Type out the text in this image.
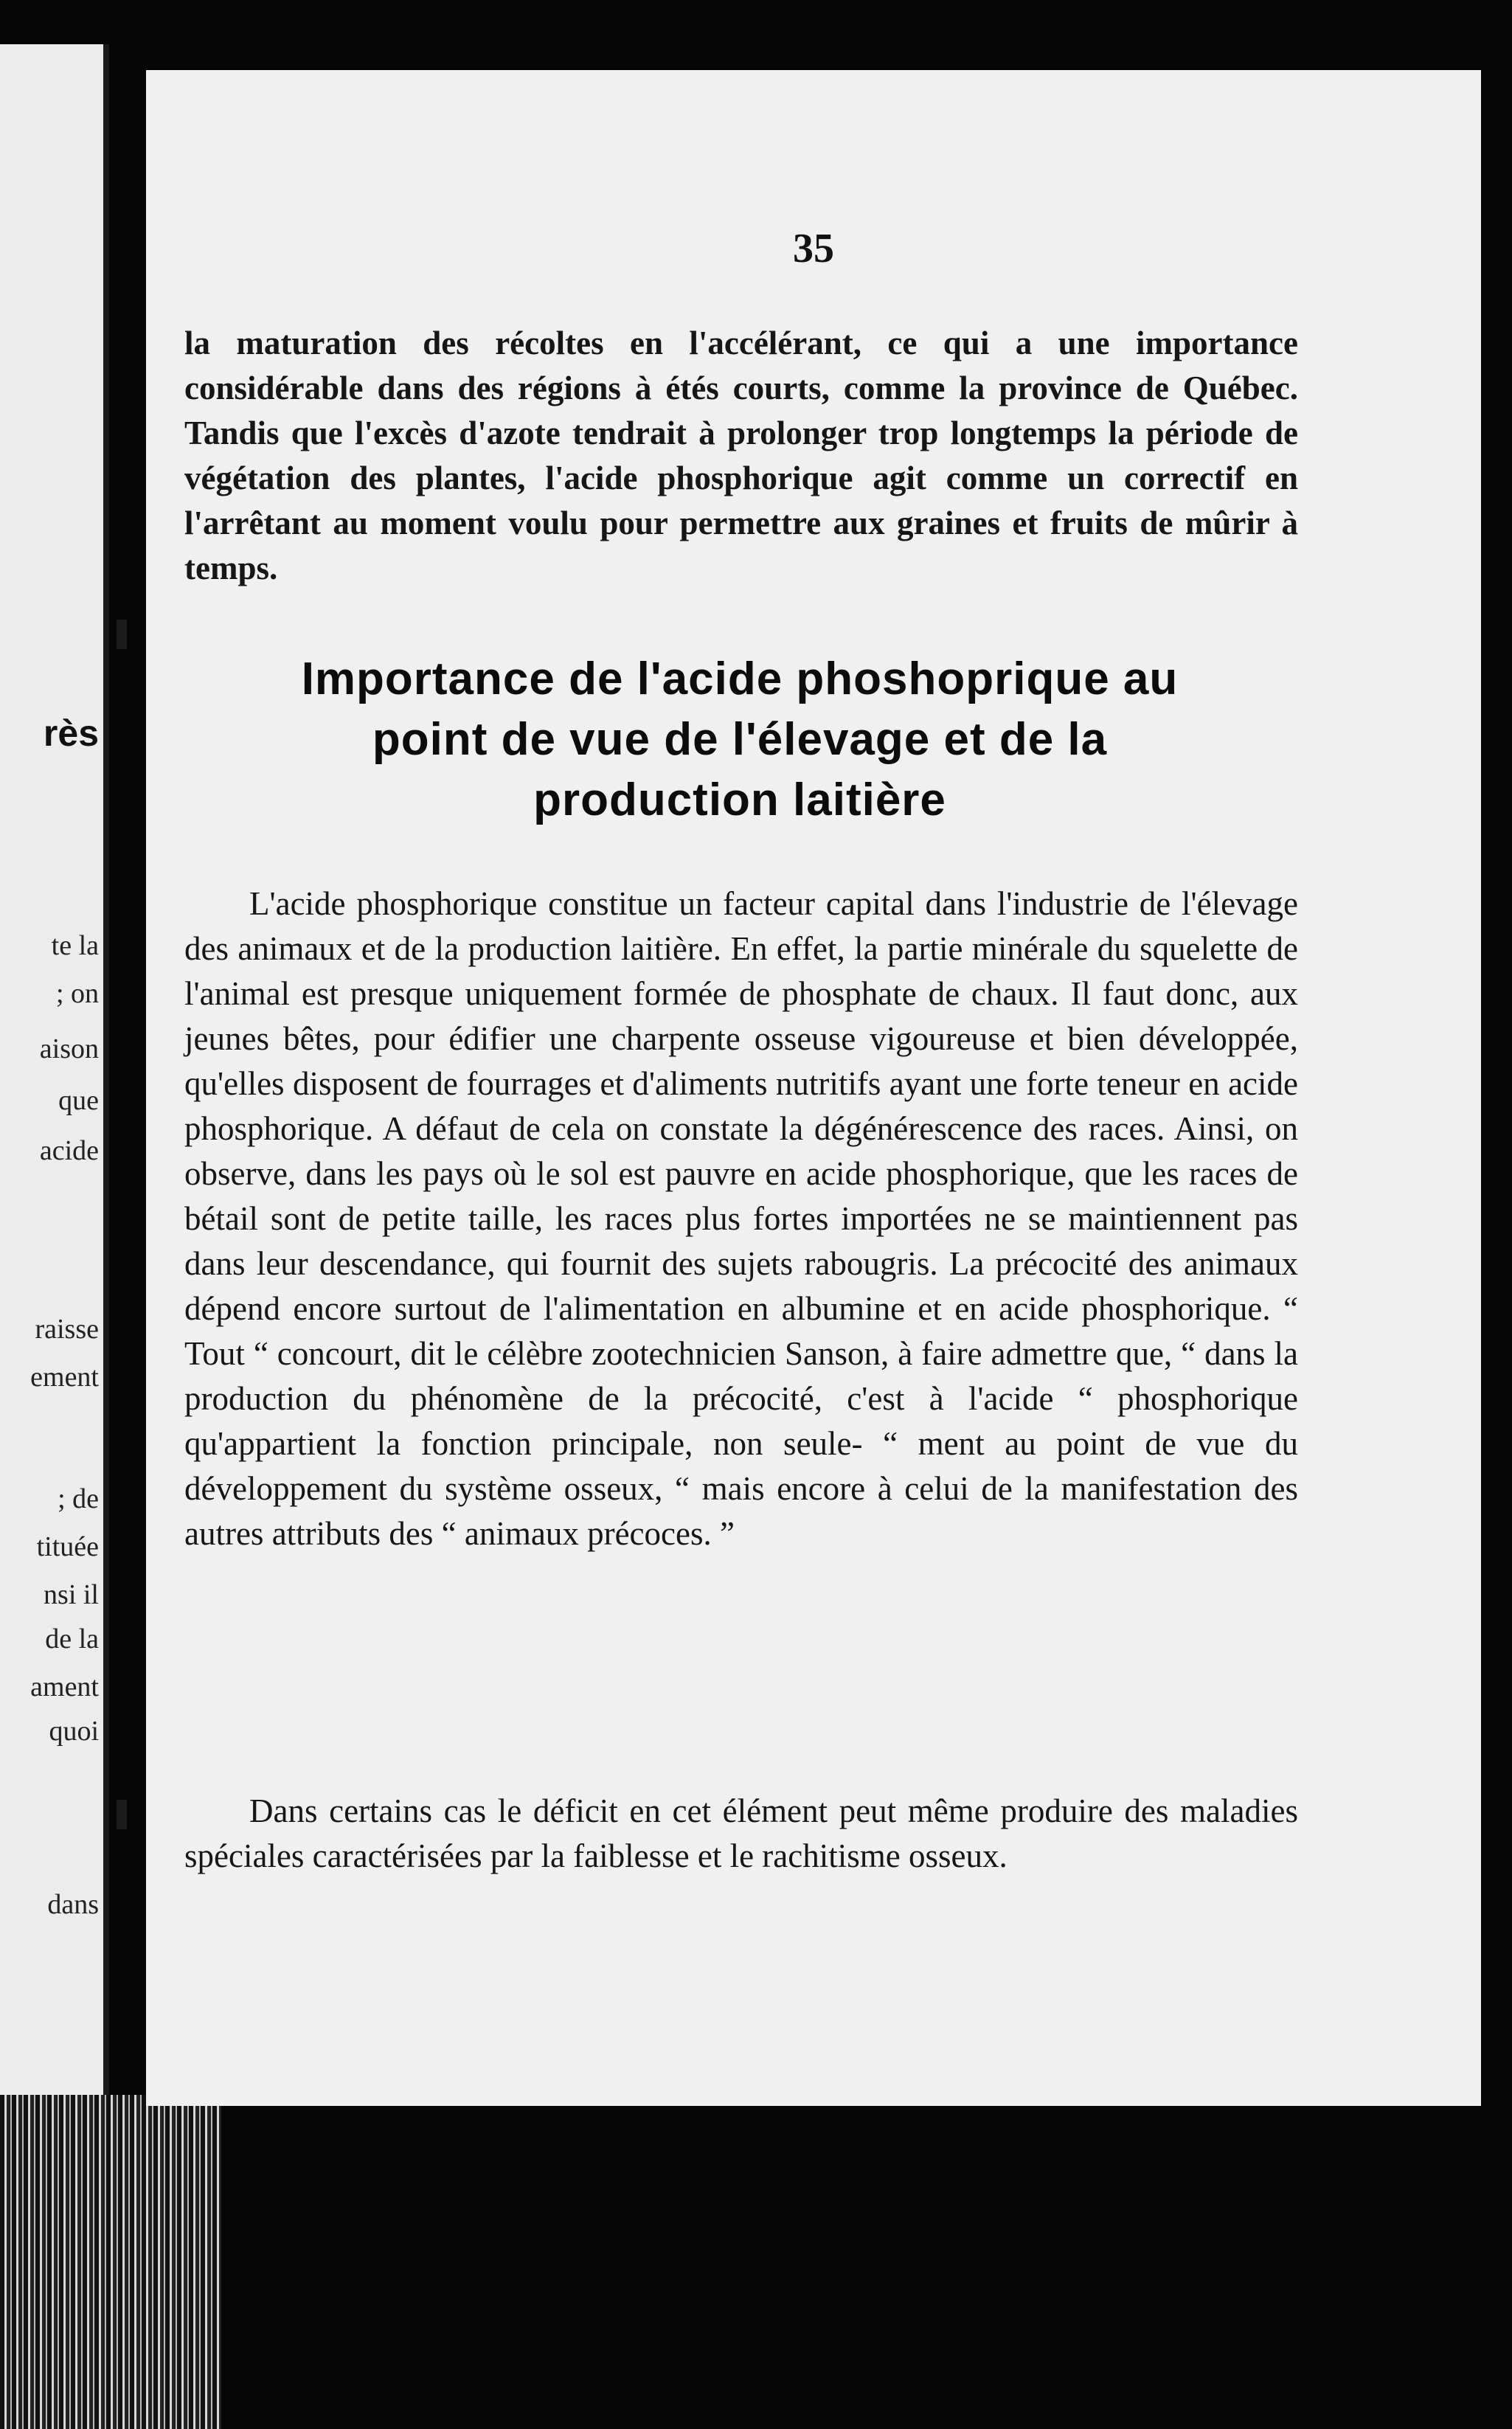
rès
te la
; on
aison
que
acide
raisse
ement
; de
tituée
nsi il
de la
ament
quoi
dans
35

la maturation des récoltes en l'accélérant, ce qui a une importance considérable dans des régions à étés courts, comme la province de Québec. Tandis que l'excès d'azote tendrait à prolonger trop longtemps la période de végétation des plantes, l'acide phosphorique agit comme un correctif en l'arrêtant au moment voulu pour permettre aux graines et fruits de mûrir à temps.

Importance de l'acide phoshoprique au
point de vue de l'élevage et de la
production laitière

L'acide phosphorique constitue un facteur capital dans l'industrie de l'élevage des animaux et de la production laitière. En effet, la partie minérale du squelette de l'animal est presque uniquement formée de phosphate de chaux. Il faut donc, aux jeunes bêtes, pour édifier une charpente osseuse vigoureuse et bien développée, qu'elles disposent de fourrages et d'aliments nutritifs ayant une forte teneur en acide phosphorique. A défaut de cela on constate la dégénérescence des races. Ainsi, on observe, dans les pays où le sol est pauvre en acide phosphorique, que les races de bétail sont de petite taille, les races plus fortes importées ne se maintiennent pas dans leur descendance, qui fournit des sujets rabougris. La précocité des animaux dépend encore surtout de l'alimentation en albumine et en acide phosphorique. “ Tout “ concourt, dit le célèbre zootechnicien Sanson, à faire admettre que, “ dans la production du phénomène de la précocité, c'est à l'acide “ phosphorique qu'appartient la fonction principale, non seule- “ ment au point de vue du développement du système osseux, “ mais encore à celui de la manifestation des autres attributs des “ animaux précoces. ”

Dans certains cas le déficit en cet élément peut même produire des maladies spéciales caractérisées par la faiblesse et le rachitisme osseux.
